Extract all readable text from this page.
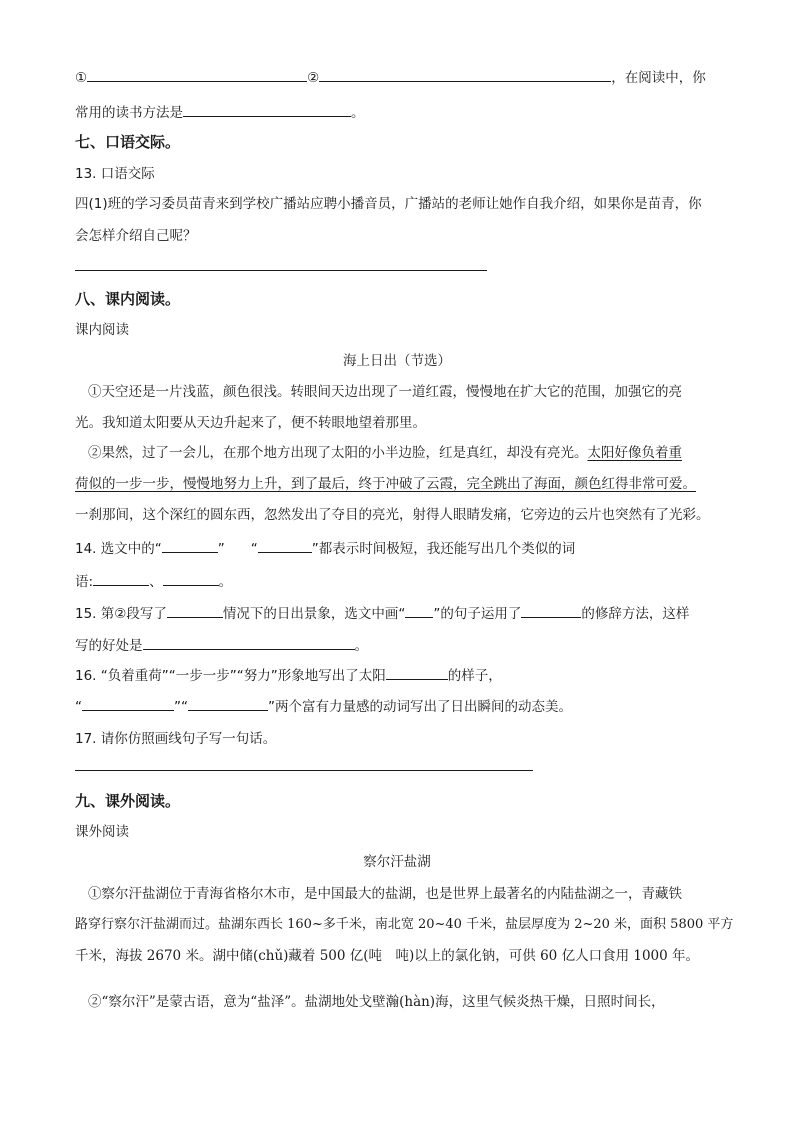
①	②	，在阅读中，你
常用的读书方法是	。
七、口语交际。
13. 口语交际
四(1)班的学习委员苗青来到学校广播站应聘小播音员，广播站的老师让她作自我介绍，如果你是苗青，你
会怎样介绍自己呢？
八、课内阅读。
课内阅读
海上日出（节选）
①天空还是一片浅蓝，颜色很浅。转眼间天边出现了一道红霞，慢慢地在扩大它的范围，加强它的亮
光。我知道太阳要从天边升起来了，便不转眼地望着那里。
②果然，过了一会儿，在那个地方出现了太阳的小半边脸，红是真红，却没有亮光。太阳好像负着重
荷似的一步一步，慢慢地努力上升，到了最后，终于冲破了云霞，完全跳出了海面，颜色红得非常可爱。
一刹那间，这个深红的圆东西，忽然发出了夺目的亮光，射得人眼睛发痛，它旁边的云片也突然有了光彩。
14. 选文中的“	” “	”都表示时间极短，我还能写出几个类似的词
语:	、	。
15. 第②段写了	情况下的日出景象，选文中画“ ”的句子运用了	的修辞方法，这样
写的好处是	。
16. “负着重荷”“一步一步”“努力”形象地写出了太阳	的样子，
“	”“	”两个富有力量感的动词写出了日出瞬间的动态美。
17. 请你仿照画线句子写一句话。
九、课外阅读。
课外阅读
察尔汗盐湖
①察尔汗盐湖位于青海省格尔木市，是中国最大的盐湖，也是世界上最著名的内陆盐湖之一，青藏铁
路穿行察尔汗盐湖而过。盐湖东西长 160~多千米，南北宽 20~40 千米，盐层厚度为 2~20 米，面积 5800 平方
千米，海拔 2670 米。湖中储(chǔ)藏着 500 亿(吨　吨)以上的氯化钠，可供 60 亿人口食用 1000 年。
②“察尔汗”是蒙古语，意为“盐泽”。盐湖地处戈壁瀚(hàn)海，这里气候炎热干燥，日照时间长，
